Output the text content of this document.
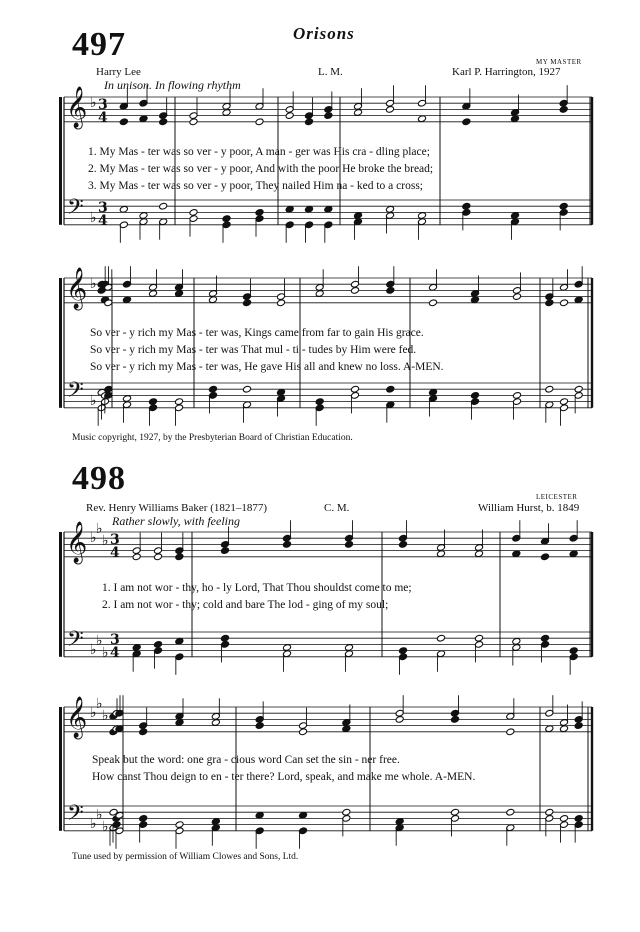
497	Orisons
Harry Lee	L. M.
MY MASTER
Karl P. Harrington, 1927
In unison. In flowing rhythm
1. My Mas - ter was so ver - y poor, A man - ger was His cra - dling place;
2. My Mas - ter was so ver - y poor, And with the poor He broke the bread;
3. My Mas - ter was so ver - y poor, They nailed Him na - ked to a cross;
So ver - y rich my Mas - ter was, Kings came from far to gain His grace.
So ver - y rich my Mas - ter was That mul - ti - tudes by Him were fed.
So ver - y rich my Mas - ter was, He gave His all and knew no loss. A-MEN.
Music copyright, 1927, by the Presbyterian Board of Christian Education.
498
Rev. Henry Williams Baker (1821–1877)	C. M.
LEICESTER
William Hurst, b. 1849
Rather slowly, with feeling
1. I am not wor - thy, ho - ly Lord, That Thou shouldst come to me;
2. I am not wor - thy; cold and bare The lod - ging of my soul;
Speak but the word: one gra - cious word Can set the sin - ner free.
How canst Thou deign to en - ter there? Lord, speak, and make me whole. A-MEN.
Tune used by permission of William Clowes and Sons, Ltd.
𝄞
𝄢
♭
♭
3
4
3
4
𝄞
𝄢
♭
♭
𝄞
𝄢
♭
♭
♭
♭
♭
♭
3
4
3
4
𝄞
𝄢
♭
♭
♭
♭
♭
♭
